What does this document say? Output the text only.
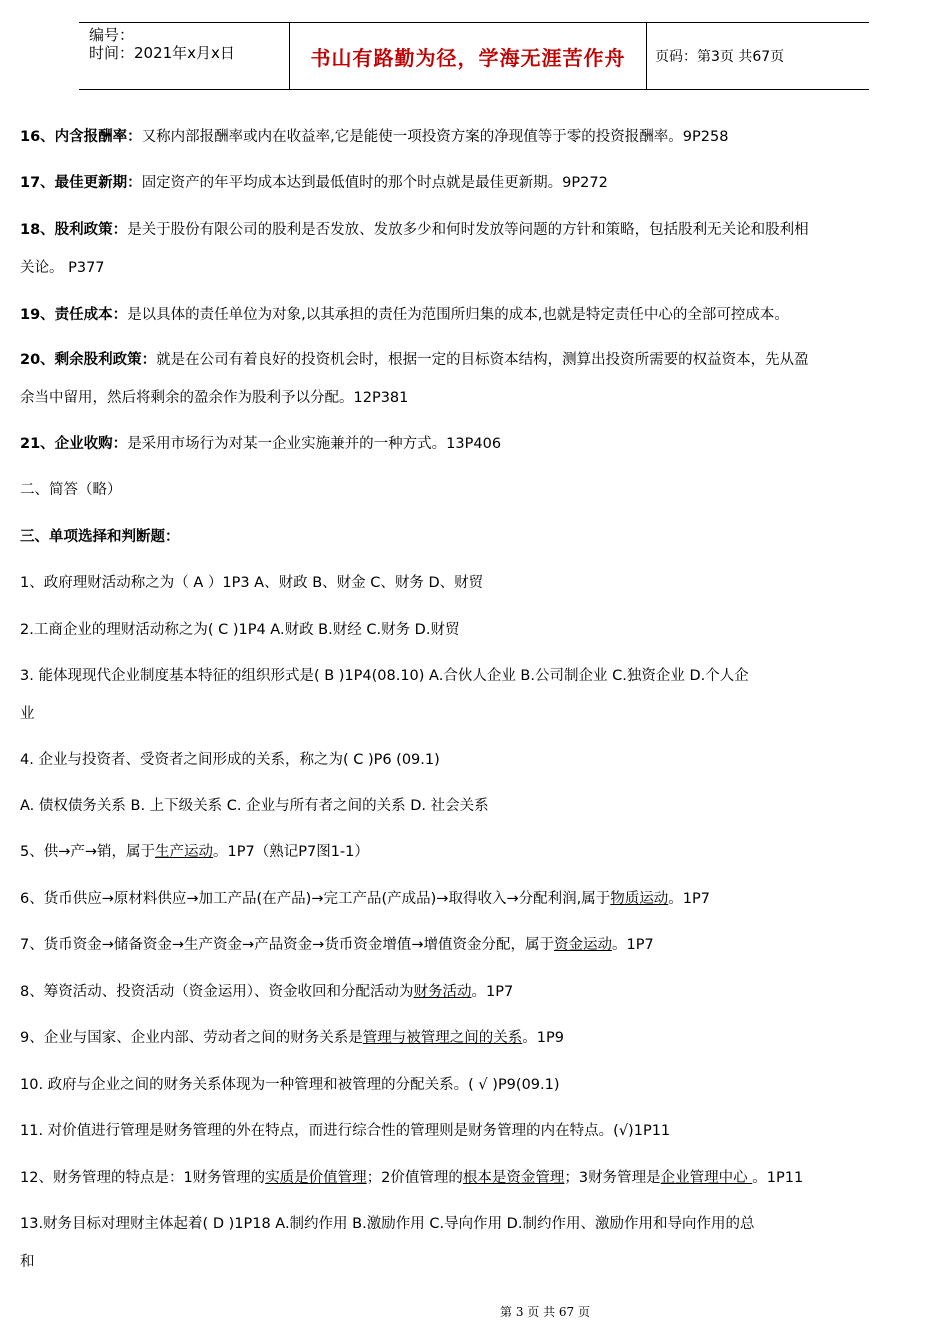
编号：
时间：2021年x月x日	书山有路勤为径，学海无涯苦作舟	页码：第3页 共67页
16、内含报酬率：又称内部报酬率或内在收益率,它是能使一项投资方案的净现值等于零的投资报酬率。9P258
17、最佳更新期：固定资产的年平均成本达到最低值时的那个时点就是最佳更新期。9P272
18、股利政策：是关于股份有限公司的股利是否发放、发放多少和何时发放等问题的方针和策略，包括股利无关论和股利相
关论。 P377
19、责任成本：是以具体的责任单位为对象,以其承担的责任为范围所归集的成本,也就是特定责任中心的全部可控成本。
20、剩余股利政策：就是在公司有着良好的投资机会时，根据一定的目标资本结构，测算出投资所需要的权益资本，先从盈
余当中留用，然后将剩余的盈余作为股利予以分配。12P381
21、企业收购：是采用市场行为对某一企业实施兼并的一种方式。13P406
二、简答（略）
三、单项选择和判断题：
1、政府理财活动称之为（ A ）1P3 A、财政 B、财金 C、财务 D、财贸
2.工商企业的理财活动称之为( C )1P4 A.财政 B.财经 C.财务 D.财贸
3. 能体现现代企业制度基本特征的组织形式是( B )1P4(08.10) A.合伙人企业 B.公司制企业 C.独资企业 D.个人企
业
4. 企业与投资者、受资者之间形成的关系，称之为( C )P6 (09.1)
A. 债权债务关系 B. 上下级关系 C. 企业与所有者之间的关系 D. 社会关系
5、供→产→销，属于生产运动。1P7（熟记P7图1-1）
6、货币供应→原材料供应→加工产品(在产品)→完工产品(产成品)→取得收入→分配利润,属于物质运动。1P7
7、货币资金→储备资金→生产资金→产品资金→货币资金增值→增值资金分配，属于资金运动。1P7
8、筹资活动、投资活动（资金运用）、资金收回和分配活动为财务活动。1P7
9、企业与国家、企业内部、劳动者之间的财务关系是管理与被管理之间的关系。1P9
10. 政府与企业之间的财务关系体现为一种管理和被管理的分配关系。( √ )P9(09.1)
11. 对价值进行管理是财务管理的外在特点，而进行综合性的管理则是财务管理的内在特点。(√)1P11
12、财务管理的特点是：1财务管理的实质是价值管理；2价值管理的根本是资金管理；3财务管理是企业管理中心 。1P11
13.财务目标对理财主体起着( D )1P18 A.制约作用 B.激励作用 C.导向作用 D.制约作用、激励作用和导向作用的总
和
第 3 页 共 67 页
